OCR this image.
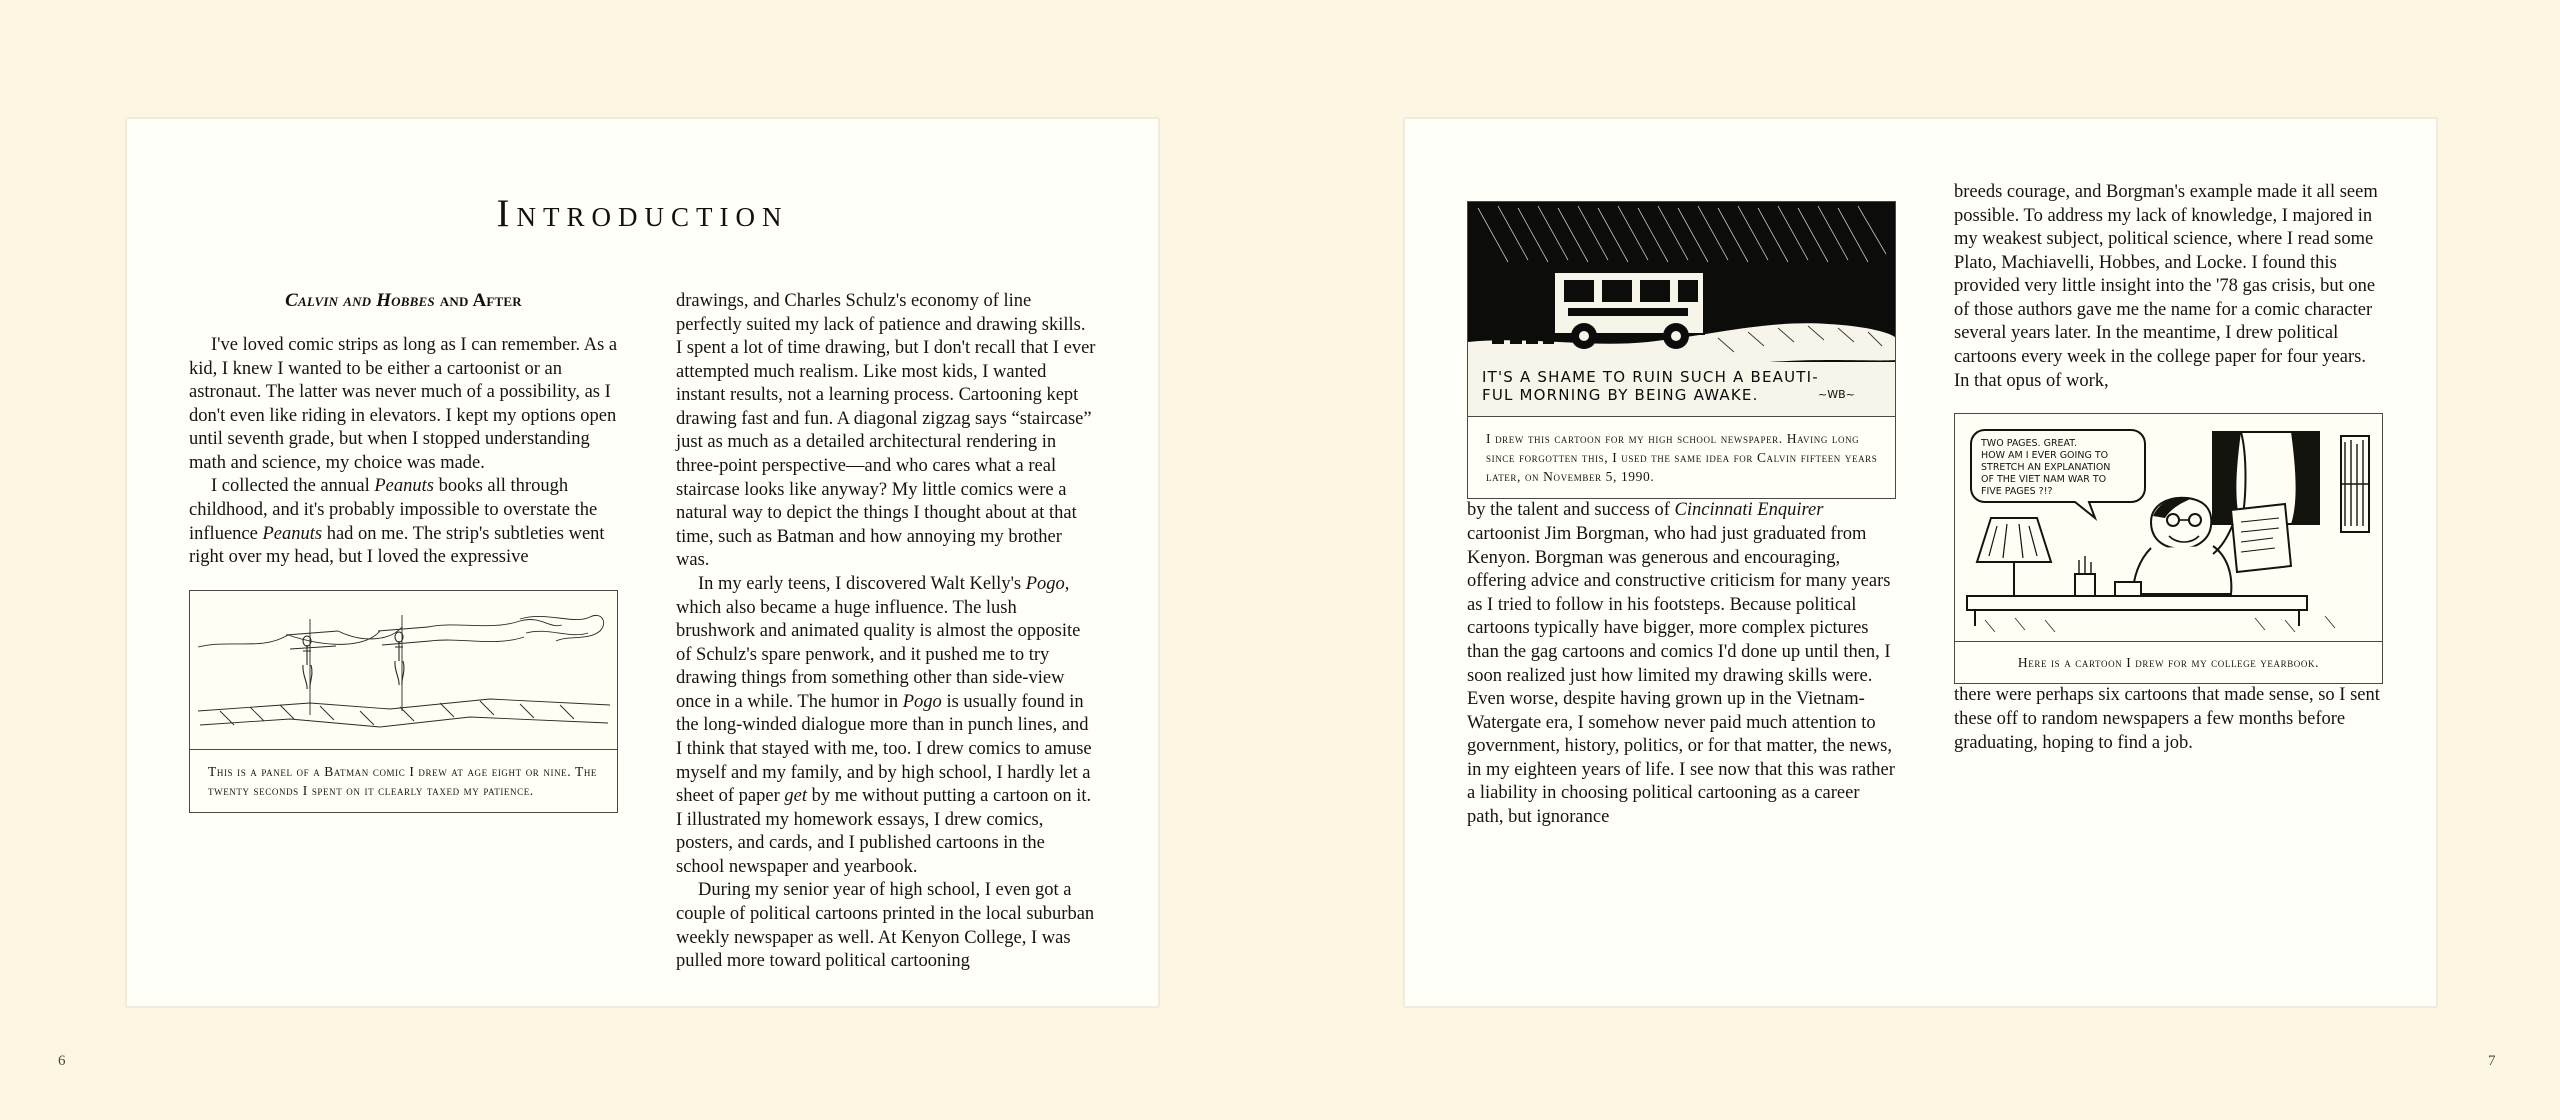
Introduction
Calvin and Hobbes and After

I've loved comic strips as long as I can remember. As a kid, I knew I wanted to be either a cartoonist or an astronaut. The latter was never much of a possibility, as I don't even like riding in elevators. I kept my options open until seventh grade, but when I stopped understanding math and science, my choice was made.

I collected the annual Peanuts books all through childhood, and it's probably impossible to overstate the influence Peanuts had on me. The strip's subtleties went right over my head, but I loved the expressive

This is a panel of a Batman comic I drew at age eight or nine. The twenty seconds I spent on it clearly taxed my patience.

drawings, and Charles Schulz's economy of line perfectly suited my lack of patience and drawing skills. I spent a lot of time drawing, but I don't recall that I ever attempted much realism. Like most kids, I wanted instant results, not a learning process. Cartooning kept drawing fast and fun. A diagonal zigzag says “staircase” just as much as a detailed architectural rendering in three-point perspective—and who cares what a real staircase looks like anyway? My little comics were a natural way to depict the things I thought about at that time, such as Batman and how annoying my brother was.

In my early teens, I discovered Walt Kelly's Pogo, which also became a huge influence. The lush brushwork and animated quality is almost the opposite of Schulz's spare penwork, and it pushed me to try drawing things from something other than side-view once in a while. The humor in Pogo is usually found in the long-winded dialogue more than in punch lines, and I think that stayed with me, too. I drew comics to amuse myself and my family, and by high school, I hardly let a sheet of paper get by me without putting a cartoon on it. I illustrated my homework essays, I drew comics, posters, and cards, and I published cartoons in the school newspaper and yearbook.

During my senior year of high school, I even got a couple of political cartoons printed in the local suburban weekly newspaper as well. At Kenyon College, I was pulled more toward political cartooning

IT'S A SHAME TO RUIN SUCH A BEAUTI-
FUL MORNING BY BEING AWAKE.	~WB~
I drew this cartoon for my high school newspaper. Having long since forgotten this, I used the same idea for Calvin fifteen years later, on November 5, 1990.

by the talent and success of Cincinnati Enquirer cartoonist Jim Borgman, who had just graduated from Kenyon. Borgman was generous and encouraging, offering advice and constructive criticism for many years as I tried to follow in his footsteps. Because political cartoons typically have bigger, more complex pictures than the gag cartoons and comics I'd done up until then, I soon realized just how limited my drawing skills were. Even worse, despite having grown up in the Vietnam-Watergate era, I somehow never paid much attention to government, history, politics, or for that matter, the news, in my eighteen years of life. I see now that this was rather a liability in choosing political cartooning as a career path, but ignorance

breeds courage, and Borgman's example made it all seem possible. To address my lack of knowledge, I majored in my weakest subject, political science, where I read some Plato, Machiavelli, Hobbes, and Locke. I found this provided very little insight into the '78 gas crisis, but one of those authors gave me the name for a comic character several years later. In the meantime, I drew political cartoons every week in the college paper for four years. In that opus of work,

TWO PAGES. GREAT.
HOW AM I EVER GOING TO
STRETCH AN EXPLANATION
OF THE VIET NAM WAR TO
FIVE PAGES ?!?
Here is a cartoon I drew for my college yearbook.

there were perhaps six cartoons that made sense, so I sent these off to random newspapers a few months before graduating, hoping to find a job.

6	7
